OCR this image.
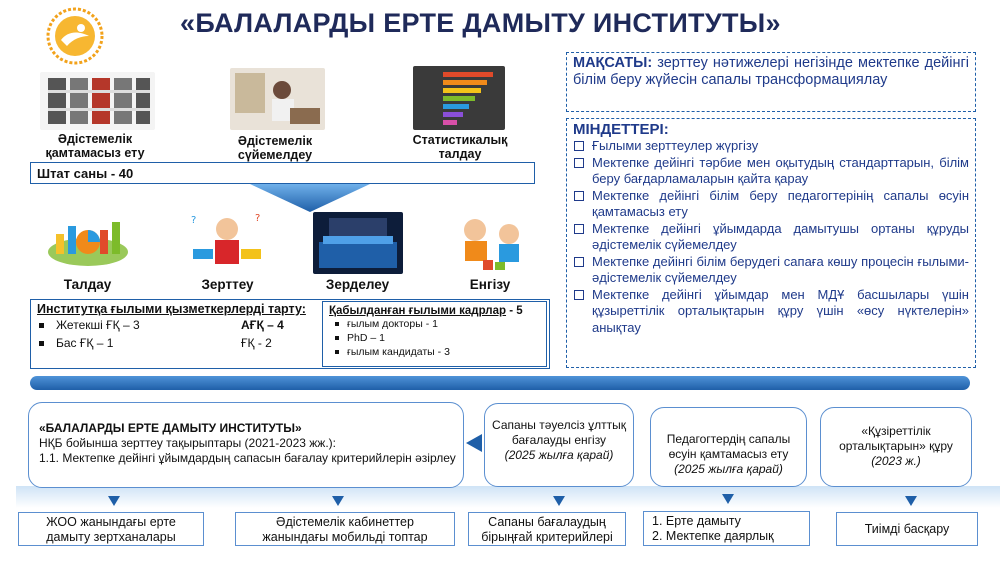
«БАЛАЛАРДЫ ЕРТЕ ДАМЫТУ ИНСТИТУТЫ»
Әдістемелік қамтамасыз ету
Әдістемелік сүйемелдеу
Статистикалық талдау
Штат саны - 40
Талдау
?	?
Зерттеу	Зерделеу	Енгізу
МАҚСАТЫ: зерттеу нәтижелері негізінде мектепке дейінгі білім беру жүйесін сапалы трансформациялау
МІНДЕТТЕРІ:
Ғылыми зерттеулер жүргізу
Мектепке дейінгі тәрбие мен оқытудың стандарттарын, білім беру бағдарламаларын қайта қарау
Мектепке дейінгі білім беру педагогтерінің сапалы өсуін қамтамасыз ету
Мектепке дейінгі ұйымдарда дамытушы ортаны құруды әдістемелік сүйемелдеу
Мектепке дейінгі білім берудегі сапаға көшу процесін ғылыми-әдістемелік сүйемелдеу
Мектепке дейінгі ұйымдар мен МДҰ басшылары үшін құзыреттілік орталықтарын құру үшін «өсу нүктелерін» анықтау
Институтқа ғылыми қызметкерлерді тарту:
Жетекші ҒҚ – 3	АҒҚ – 4
Бас ҒҚ – 1	ҒҚ - 2
Қабылданған ғылыми кадрлар - 5
ғылым докторы - 1
PhD – 1
ғылым кандидаты - 3
«БАЛАЛАРДЫ ЕРТЕ ДАМЫТУ ИНСТИТУТЫ»
НҚБ бойынша зерттеу тақырыптары (2021-2023 жж.):
1.1. Мектепке дейінгі ұйымдардың сапасын бағалау критерийлерін әзірлеу
Сапаны тәуелсіз ұлттық бағалауды енгізу
(2025 жылға қарай)
Педагогтердің сапалы өсуін қамтамасыз ету
(2025 жылға қарай)
«Құзіреттілік орталықтарын» құру
(2023 ж.)
ЖОО жанындағы ерте дамыту зертханалары
Әдістемелік кабинеттер жанындағы мобильді топтар
Сапаны бағалаудың бірыңғай критерийлері
1. Ерте дамыту
2. Мектепке даярлық	Тиімді басқару
